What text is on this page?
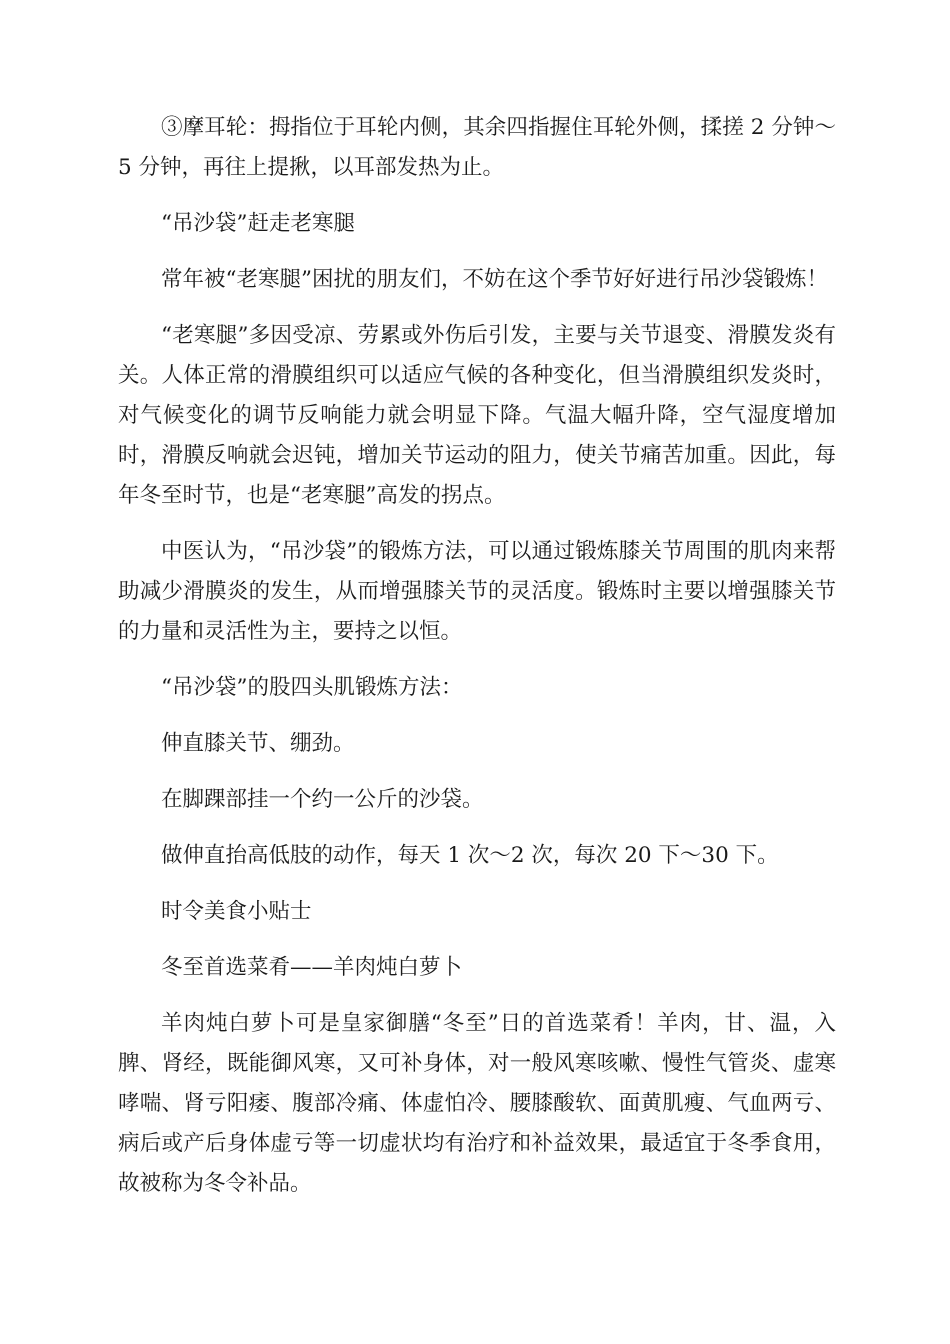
③摩耳轮：拇指位于耳轮内侧，其余四指握住耳轮外侧，揉搓 2 分钟～5 分钟，再往上提揪，以耳部发热为止。

“吊沙袋”赶走老寒腿

常年被“老寒腿”困扰的朋友们，不妨在这个季节好好进行吊沙袋锻炼！

“老寒腿”多因受凉、劳累或外伤后引发，主要与关节退变、滑膜发炎有关。人体正常的滑膜组织可以适应气候的各种变化，但当滑膜组织发炎时，对气候变化的调节反响能力就会明显下降。气温大幅升降，空气湿度增加时，滑膜反响就会迟钝，增加关节运动的阻力，使关节痛苦加重。因此，每年冬至时节，也是“老寒腿”高发的拐点。

中医认为，“吊沙袋”的锻炼方法，可以通过锻炼膝关节周围的肌肉来帮助减少滑膜炎的发生，从而增强膝关节的灵活度。锻炼时主要以增强膝关节的力量和灵活性为主，要持之以恒。

“吊沙袋”的股四头肌锻炼方法：

伸直膝关节、绷劲。

在脚踝部挂一个约一公斤的沙袋。

做伸直抬高低肢的动作，每天 1 次～2 次，每次 20 下～30 下。

时令美食小贴士

冬至首选菜肴——羊肉炖白萝卜

羊肉炖白萝卜可是皇家御膳“冬至”日的首选菜肴！羊肉，甘、温，入脾、肾经，既能御风寒，又可补身体，对一般风寒咳嗽、慢性气管炎、虚寒哮喘、肾亏阳痿、腹部冷痛、体虚怕冷、腰膝酸软、面黄肌瘦、气血两亏、病后或产后身体虚亏等一切虚状均有治疗和补益效果，最适宜于冬季食用，故被称为冬令补品。
